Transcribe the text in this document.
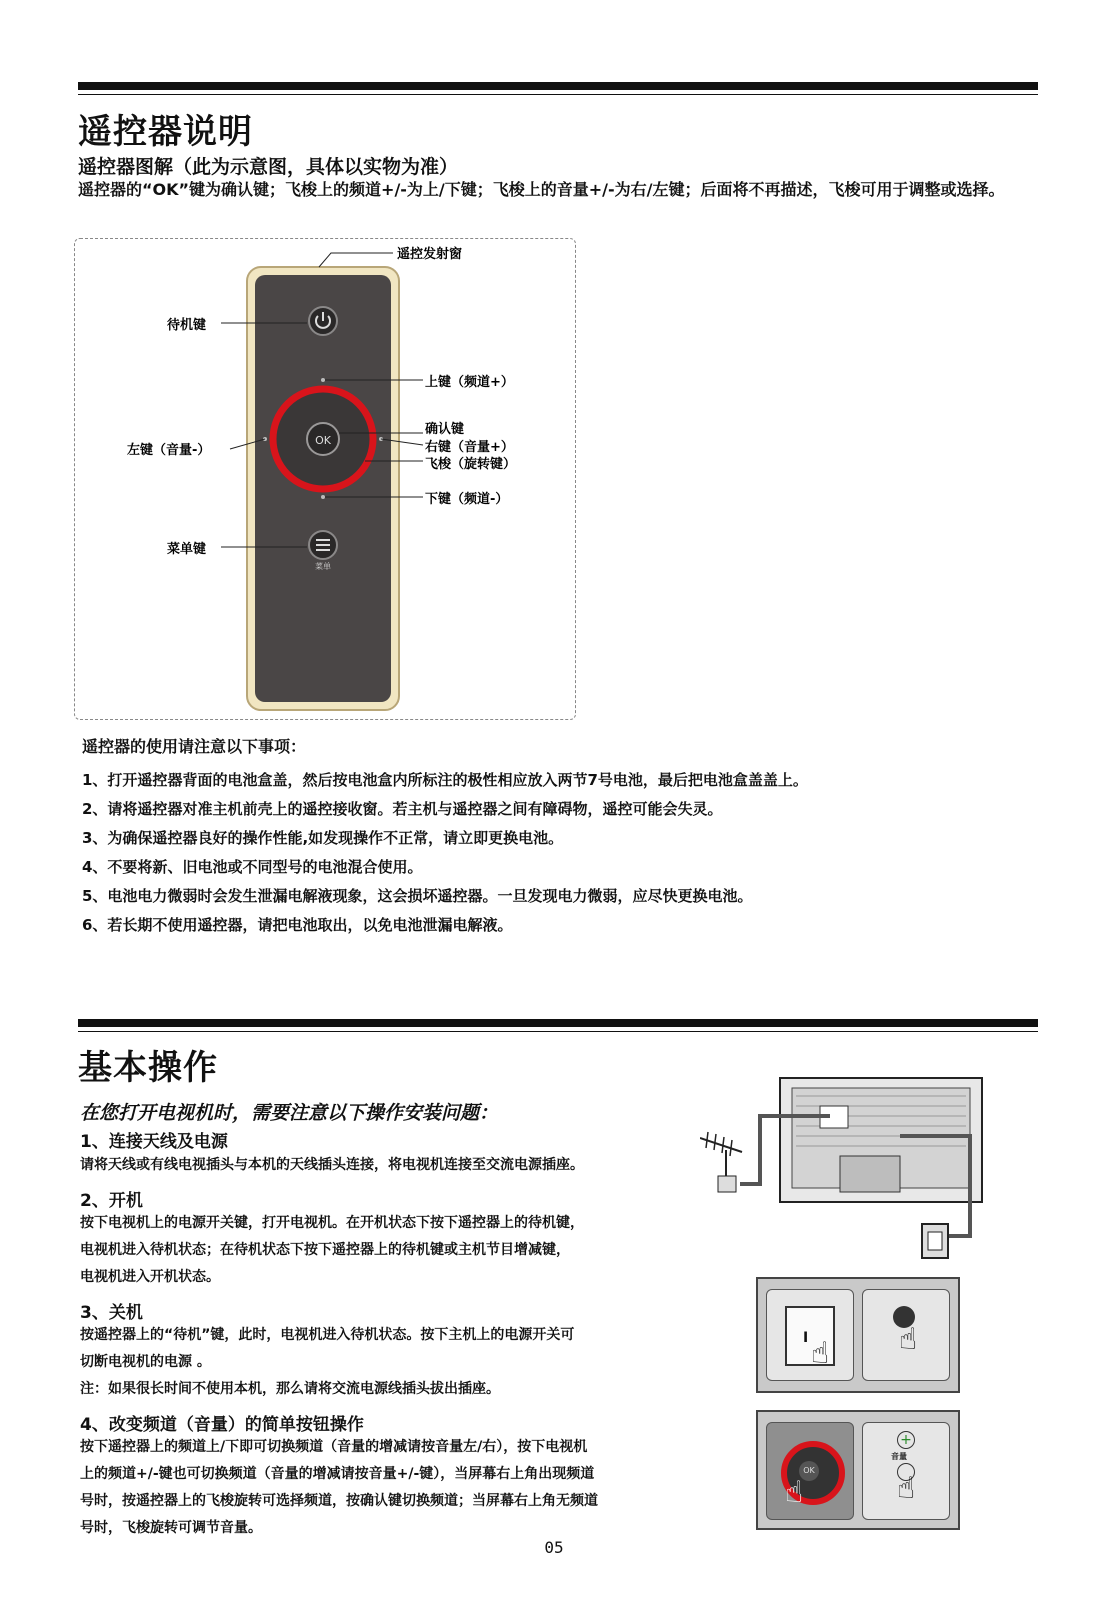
遥控器说明
遥控器图解（此为示意图，具体以实物为准）
遥控器的“OK”键为确认键；飞梭上的频道+/-为上/下键；飞梭上的音量+/-为右/左键；后面将不再描述，飞梭可用于调整或选择。
OK
菜单
遥控发射窗
待机键
上键（频道+）
确认键
右键（音量+）
飞梭（旋转键）
左键（音量-）
下键（频道-）
菜单键
遥控器的使用请注意以下事项：
1、打开遥控器背面的电池盒盖，然后按电池盒内所标注的极性相应放入两节7号电池，最后把电池盒盖盖上。
2、请将遥控器对准主机前壳上的遥控接收窗。若主机与遥控器之间有障碍物，遥控可能会失灵。
3、为确保遥控器良好的操作性能,如发现操作不正常，请立即更换电池。
4、不要将新、旧电池或不同型号的电池混合使用。
5、电池电力微弱时会发生泄漏电解液现象，这会损坏遥控器。一旦发现电力微弱，应尽快更换电池。
6、若长期不使用遥控器，请把电池取出，以免电池泄漏电解液。
基本操作
在您打开电视机时，需要注意以下操作安装问题：
1、连接天线及电源
请将天线或有线电视插头与本机的天线插头连接，将电视机连接至交流电源插座。
2、开机
按下电视机上的电源开关键，打开电视机。在开机状态下按下遥控器上的待机键，
电视机进入待机状态；在待机状态下按下遥控器上的待机键或主机节目增减键，
电视机进入开机状态。
3、关机
按遥控器上的“待机”键，此时，电视机进入待机状态。按下主机上的电源开关可
切断电视机的电源 。
注：如果很长时间不使用本机，那么请将交流电源线插头拔出插座。
4、改变频道（音量）的简单按钮操作
按下遥控器上的频道上/下即可切换频道（音量的增减请按音量左/右），按下电视机
上的频道+/-键也可切换频道（音量的增减请按音量+/-键），当屏幕右上角出现频道
号时，按遥控器上的飞梭旋转可选择频道，按确认键切换频道；当屏幕右上角无频道
号时，飞梭旋转可调节音量。
Ⅰ ☝ ☝
OK
☝
+
音量
☝
05
